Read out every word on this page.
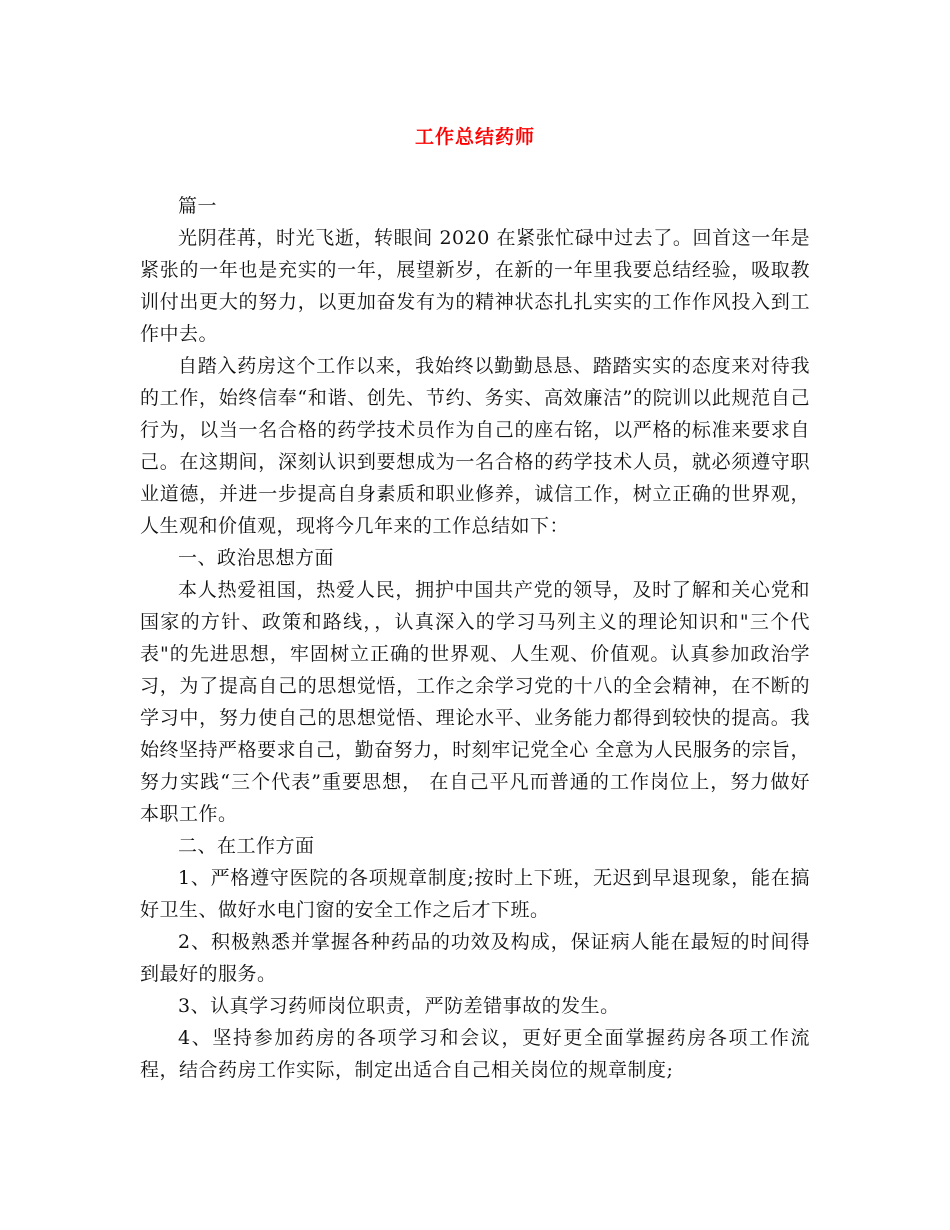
工作总结药师

篇一

光阴荏苒，时光飞逝，转眼间 2020 在紧张忙碌中过去了。回首这一年是紧张的一年也是充实的一年，展望新岁，在新的一年里我要总结经验，吸取教训付出更大的努力，以更加奋发有为的精神状态扎扎实实的工作作风投入到工作中去。

自踏入药房这个工作以来，我始终以勤勤恳恳、踏踏实实的态度来对待我的工作，始终信奉“和谐、创先、节约、务实、高效廉洁”的院训以此规范自己行为，以当一名合格的药学技术员作为自己的座右铭，以严格的标准来要求自己。在这期间，深刻认识到要想成为一名合格的药学技术人员，就必须遵守职业道德，并进一步提高自身素质和职业修养，诚信工作，树立正确的世界观，人生观和价值观，现将今几年来的工作总结如下：

一、政治思想方面

本人热爱祖国，热爱人民，拥护中国共产党的领导，及时了解和关心党和国家的方针、政策和路线，，认真深入的学习马列主义的理论知识和"三个代表"的先进思想，牢固树立正确的世界观、人生观、价值观。认真参加政治学习，为了提高自己的思想觉悟，工作之余学习党的十八的全会精神，在不断的学习中，努力使自己的思想觉悟、理论水平、业务能力都得到较快的提高。我始终坚持严格要求自己，勤奋努力，时刻牢记党全心 全意为人民服务的宗旨，努力实践“三个代表”重要思想， 在自己平凡而普通的工作岗位上，努力做好本职工作。

二、在工作方面

1、严格遵守医院的各项规章制度;按时上下班，无迟到早退现象，能在搞好卫生、做好水电门窗的安全工作之后才下班。

2、积极熟悉并掌握各种药品的功效及构成，保证病人能在最短的时间得到最好的服务。

3、认真学习药师岗位职责，严防差错事故的发生。

4、坚持参加药房的各项学习和会议，更好更全面掌握药房各项工作流程，结合药房工作实际，制定出适合自己相关岗位的规章制度;
